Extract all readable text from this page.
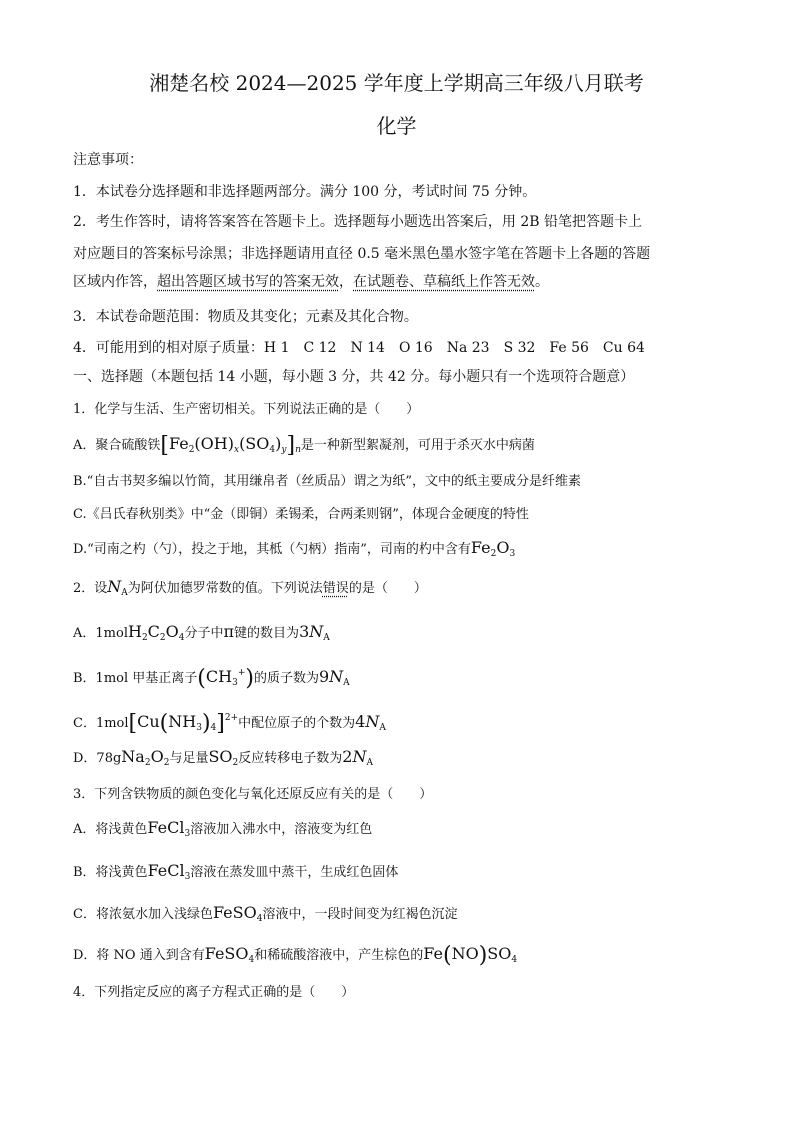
湘楚名校 2024—2025 学年度上学期高三年级八月联考
化学
注意事项：
1．本试卷分选择题和非选择题两部分。满分 100 分，考试时间 75 分钟。
2．考生作答时，请将答案答在答题卡上。选择题每小题选出答案后，用 2B 铅笔把答题卡上
对应题目的答案标号涂黑；非选择题请用直径 0.5 毫米黑色墨水签字笔在答题卡上各题的答题
区域内作答，超出答题区域书写的答案无效，在试题卷、草稿纸上作答无效。
3．本试卷命题范围：物质及其变化；元素及其化合物。
4．可能用到的相对原子质量：H 1　C 12　N 14　O 16　Na 23　S 32　Fe 56　Cu 64
一、选择题（本题包括 14 小题，每小题 3 分，共 42 分。每小题只有一个选项符合题意）
1．化学与生活、生产密切相关。下列说法正确的是（　　）
A．聚合硫酸铁$[Fe_2(OH)_x(SO_4)_y]_n$是一种新型絮凝剂，可用于杀灭水中病菌
B.“自古书契多编以竹简，其用缣帛者（丝质品）谓之为纸”，文中的纸主要成分是纤维素
C.《吕氏春秋别类》中“金（即铜）柔锡柔，合两柔则钢”，体现合金硬度的特性
D.“司南之杓（勺），投之于地，其柢（勺柄）指南”，司南的杓中含有$Fe_2O_3$
2．设$N_A$为阿伏加德罗常数的值。下列说法错误的是（　　）
A．$1molH_2C_2O_4$分子中π键的数目为$3N_A$
B．1mol 甲基正离子$(CH_3^+)$的质子数为$9N_A$
C．$1mol[Cu(NH_3)_4]^{2+}$中配位原子的个数为$4N_A$
D．$78gNa_2O_2$与足量$SO_2$反应转移电子数为$2N_A$
3．下列含铁物质的颜色变化与氧化还原反应有关的是（　　）
A．将浅黄色FeCl$_3$溶液加入沸水中，溶液变为红色
B．将浅黄色FeCl$_3$溶液在蒸发皿中蒸干，生成红色固体
C．将浓氨水加入浅绿色FeSO$_4$溶液中，一段时间变为红褐色沉淀
D．将 NO 通入到含有FeSO$_4$和稀硫酸溶液中，产生棕色的$Fe(NO)SO_4$
4．下列指定反应的离子方程式正确的是（　　）
